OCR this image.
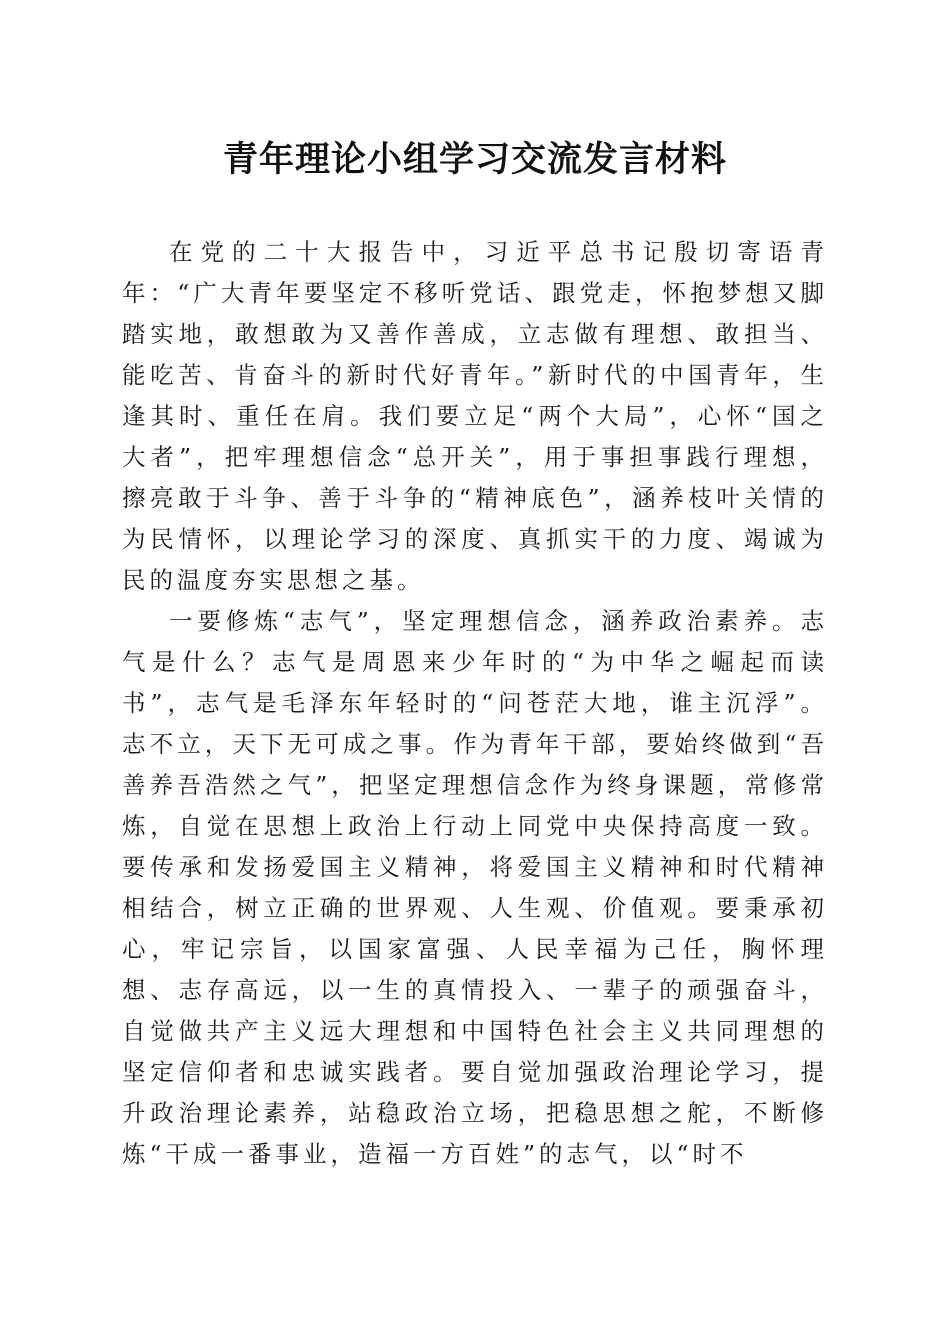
青年理论小组学习交流发言材料

在党的二十大报告中，习近平总书记殷切寄语青年：“广大青年要坚定不移听党话、跟党走，怀抱梦想又脚踏实地，敢想敢为又善作善成，立志做有理想、敢担当、能吃苦、肯奋斗的新时代好青年。”新时代的中国青年，生逢其时、重任在肩。我们要立足“两个大局”，心怀“国之大者”，把牢理想信念“总开关”，用于事担事践行理想，擦亮敢于斗争、善于斗争的“精神底色”，涵养枝叶关情的为民情怀，以理论学习的深度、真抓实干的力度、竭诚为民的温度夯实思想之基。

一要修炼“志气”，坚定理想信念，涵养政治素养。志气是什么？志气是周恩来少年时的“为中华之崛起而读书”，志气是毛泽东年轻时的“问苍茫大地，谁主沉浮”。志不立，天下无可成之事。作为青年干部，要始终做到“吾善养吾浩然之气”，把坚定理想信念作为终身课题，常修常炼，自觉在思想上政治上行动上同党中央保持高度一致。要传承和发扬爱国主义精神，将爱国主义精神和时代精神相结合，树立正确的世界观、人生观、价值观。要秉承初心，牢记宗旨，以国家富强、人民幸福为己任，胸怀理想、志存高远，以一生的真情投入、一辈子的顽强奋斗，自觉做共产主义远大理想和中国特色社会主义共同理想的坚定信仰者和忠诚实践者。要自觉加强政治理论学习，提升政治理论素养，站稳政治立场，把稳思想之舵，不断修炼“干成一番事业，造福一方百姓”的志气，以“时不
